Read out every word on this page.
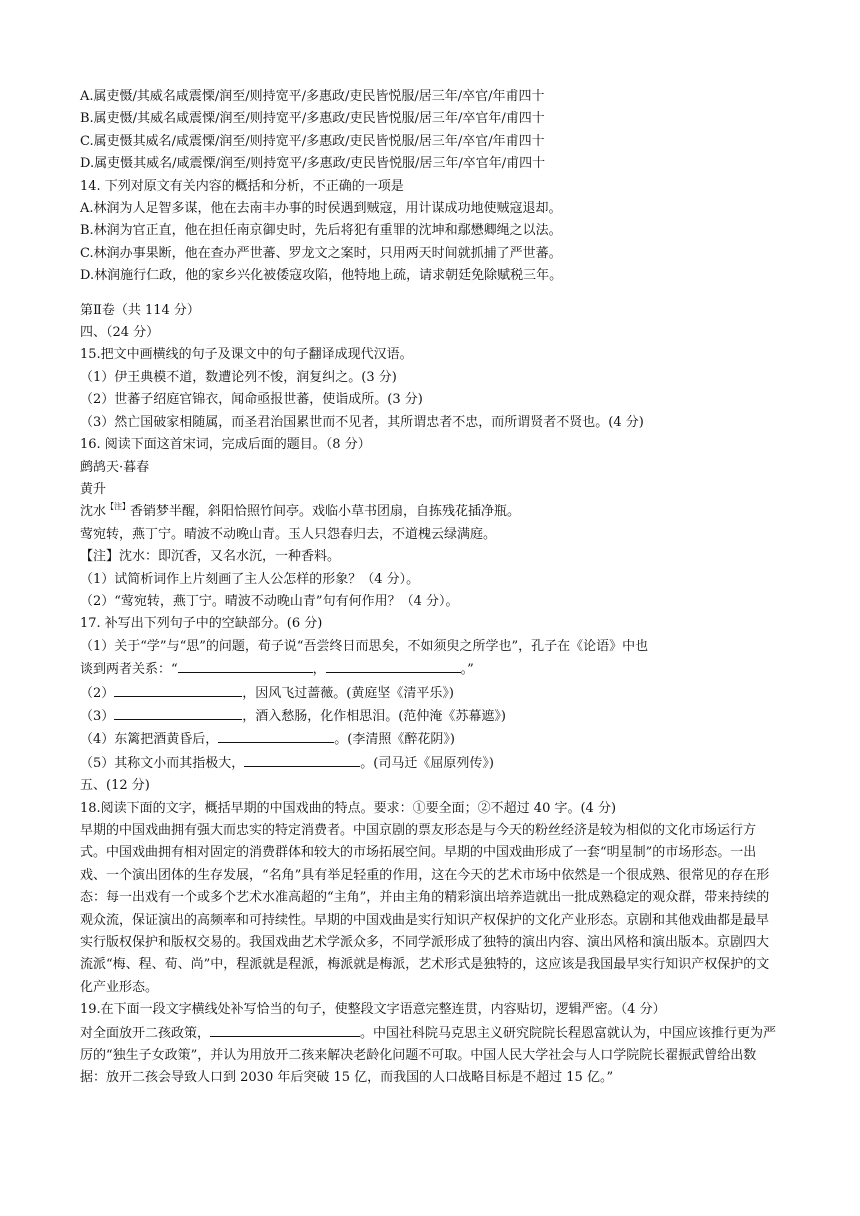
A.属吏慑/其威名咸震慄/润至/则持宽平/多惠政/吏民皆悦服/居三年/卒官/年甫四十
B.属吏慑/其威名咸震慄/润至/则持宽平/多惠政/吏民皆悦服/居三年/卒官年/甫四十
C.属吏慑其威名/咸震慄/润至/则持宽平/多惠政/吏民皆悦服/居三年/卒官/年甫四十
D.属吏慑其威名/咸震慄/润至/则持宽平/多惠政/吏民皆悦服/居三年/卒官年/甫四十
14. 下列对原文有关内容的概括和分析，不正确的一项是
A.林润为人足智多谋，他在去南丰办事的时侯遇到贼寇，用计谋成功地使贼寇退却。
B.林润为官正直，他在担任南京御史时，先后将犯有重罪的沈坤和鄢懋卿绳之以法。
C.林润办事果断，他在查办严世蕃、罗龙文之案时，只用两天时间就抓捕了严世蕃。
D.林润施行仁政，他的家乡兴化被倭寇攻陷，他特地上疏，请求朝廷免除赋税三年。
第Ⅱ卷（共 114 分）
四、（24 分）
15.把文中画横线的句子及课文中的句子翻译成现代汉语。
（1）伊王典模不道，数遭论列不悛，润复纠之。(3 分)
（2）世蕃子绍庭官锦衣，闻命亟报世蕃，使诣成所。(3 分)
（3）然亡国破家相随属，而圣君治国累世而不见者，其所谓忠者不忠，而所谓贤者不贤也。(4 分)
16. 阅读下面这首宋词，完成后面的题目。（8 分）
鹧鸪天·暮春
黄升
沈水$^{【注】}$香销梦半醒，斜阳恰照竹间亭。戏临小草书团扇，自拣残花插净瓶。
莺宛转，燕丁宁。晴波不动晚山青。玉人只怨春归去，不道槐云绿满庭。
【注】沈水：即沉香，又名水沉，一种香料。
（1）试简析词作上片刻画了主人公怎样的形象？（4 分）。
（2）“莺宛转，燕丁宁。晴波不动晚山青”句有何作用？（4 分）。
17. 补写出下列句子中的空缺部分。(6 分)
（1）关于“学”与“思”的问题，荀子说“吾尝终日而思矣，不如须臾之所学也”，孔子在《论语》中也
谈到两者关系：“	，	。”
（2）	，因风飞过蔷薇。(黄庭坚《清平乐》)
（3）	，酒入愁肠，化作相思泪。(范仲淹《苏幕遮》)
（4）东篱把酒黄昏后，	。(李清照《醉花阴》)
（5）其称文小而其指极大，	。(司马迁《屈原列传》)
五、(12 分)
18.阅读下面的文字，概括早期的中国戏曲的特点。要求：①要全面；②不超过 40 字。(4 分)
早期的中国戏曲拥有强大而忠实的特定消费者。中国京剧的票友形态是与今天的粉丝经济是较为相似的文化市场运行方式。中国戏曲拥有相对固定的消费群体和较大的市场拓展空间。早期的中国戏曲形成了一套“明星制”的市场形态。一出戏、一个演出团体的生存发展，“名角”具有举足轻重的作用，这在今天的艺术市场中依然是一个很成熟、很常见的存在形态：每一出戏有一个或多个艺术水准高超的“主角”，并由主角的精彩演出培养造就出一批成熟稳定的观众群，带来持续的观众流，保证演出的高频率和可持续性。早期的中国戏曲是实行知识产权保护的文化产业形态。京剧和其他戏曲都是最早实行版权保护和版权交易的。我国戏曲艺术学派众多，不同学派形成了独特的演出内容、演出风格和演出版本。京剧四大流派“梅、程、荀、尚”中，程派就是程派，梅派就是梅派，艺术形式是独特的，这应该是我国最早实行知识产权保护的文化产业形态。
19.在下面一段文字横线处补写恰当的句子，使整段文字语意完整连贯，内容贴切，逻辑严密。（4 分）
对全面放开二孩政策，	。中国社科院马克思主义研究院院长程恩富就认为，中国应该推行更为严厉的“独生子女政策”，并认为用放开二孩来解决老龄化问题不可取。中国人民大学社会与人口学院院长翟振武曾给出数据：放开二孩会导致人口到 2030 年后突破 15 亿，而我国的人口战略目标是不超过 15 亿。”
